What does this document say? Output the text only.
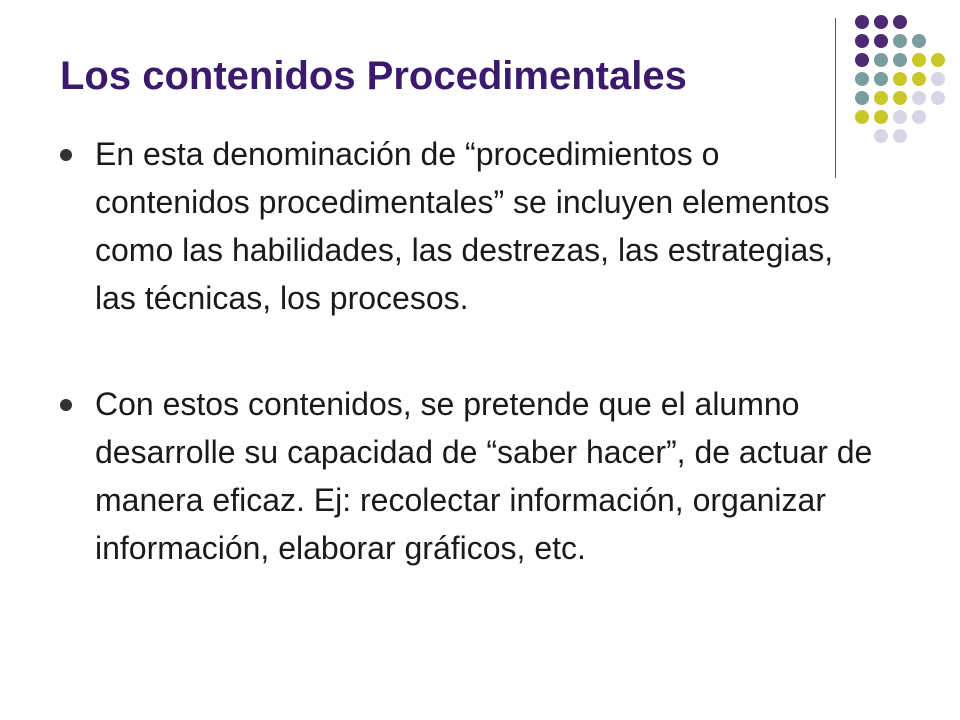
Los contenidos Procedimentales
En esta denominación de “procedimientos o contenidos procedimentales” se incluyen elementos como las habilidades, las destrezas, las estrategias, las técnicas, los procesos.
Con estos contenidos, se pretende que el alumno desarrolle su capacidad de “saber hacer”, de actuar de manera eficaz. Ej: recolectar información, organizar información, elaborar gráficos, etc.
